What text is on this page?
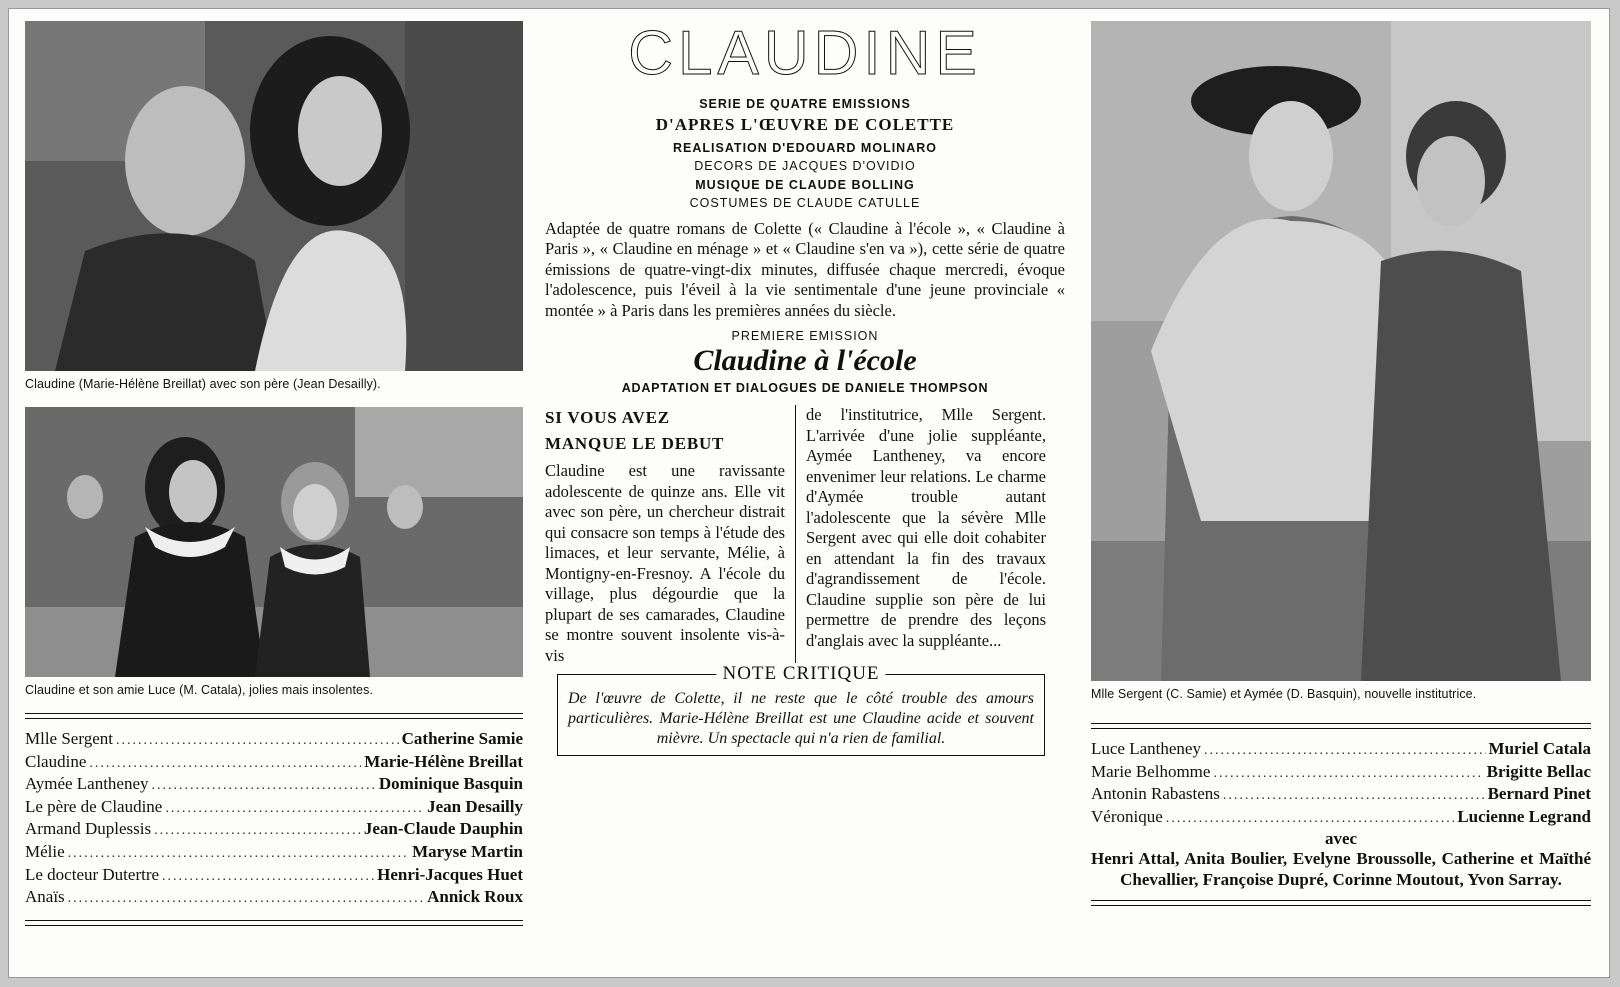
Claudine (Marie-Hélène Breillat) avec son père (Jean Desailly).
Claudine et son amie Luce (M. Catala), jolies mais insolentes.
Mlle Sergent .....	Catherine Samie
Claudine .....	Marie-Hélène Breillat
Aymée Lantheney .....	Dominique Basquin
Le père de Claudine .....	Jean Desailly
Armand Duplessis .....	Jean-Claude Dauphin
Mélie .....	Maryse Martin
Le docteur Dutertre .....	Henri-Jacques Huet
Anaïs .....	Annick Roux
CLAUDINE
SERIE DE QUATRE EMISSIONS
D'APRES L'ŒUVRE DE COLETTE
REALISATION D'EDOUARD MOLINARO
DECORS DE JACQUES D'OVIDIO
MUSIQUE DE CLAUDE BOLLING
COSTUMES DE CLAUDE CATULLE
Adaptée de quatre romans de Colette (« Claudine à l'école », « Claudine à Paris », « Claudine en ménage » et « Claudine s'en va »), cette série de quatre émissions de quatre-vingt-dix minutes, diffusée chaque mercredi, évoque l'adolescence, puis l'éveil à la vie sentimentale d'une jeune provinciale « montée » à Paris dans les premières années du siècle.
PREMIERE EMISSION
Claudine à l'école
ADAPTATION ET DIALOGUES DE DANIELE THOMPSON
SI VOUS AVEZ
MANQUE LE DEBUT
Claudine est une ravissante adolescente de quinze ans. Elle vit avec son père, un chercheur distrait qui consacre son temps à l'étude des limaces, et leur servante, Mélie, à Montigny-en-Fresnoy. A l'école du village, plus dégourdie que la plupart de ses camarades, Claudine se montre souvent insolente vis-à-vis
de l'institutrice, Mlle Sergent. L'arrivée d'une jolie suppléante, Aymée Lantheney, va encore envenimer leur relations. Le charme d'Aymée trouble autant l'adolescente que la sévère Mlle Sergent avec qui elle doit cohabiter en attendant la fin des travaux d'agrandissement de l'école. Claudine supplie son père de lui permettre de prendre des leçons d'anglais avec la suppléante...
NOTE CRITIQUE
De l'œuvre de Colette, il ne reste que le côté trouble des amours particulières. Marie-Hélène Breillat est une Claudine acide et souvent mièvre. Un spectacle qui n'a rien de familial.
Mlle Sergent (C. Samie) et Aymée (D. Basquin), nouvelle institutrice.
Luce Lantheney .....	Muriel Catala
Marie Belhomme .....	Brigitte Bellac
Antonin Rabastens .....	Bernard Pinet
Véronique .....	Lucienne Legrand
avec
Henri Attal, Anita Boulier, Evelyne Broussolle, Catherine et Maïthé Chevallier, Françoise Dupré, Corinne Moutout, Yvon Sarray.
